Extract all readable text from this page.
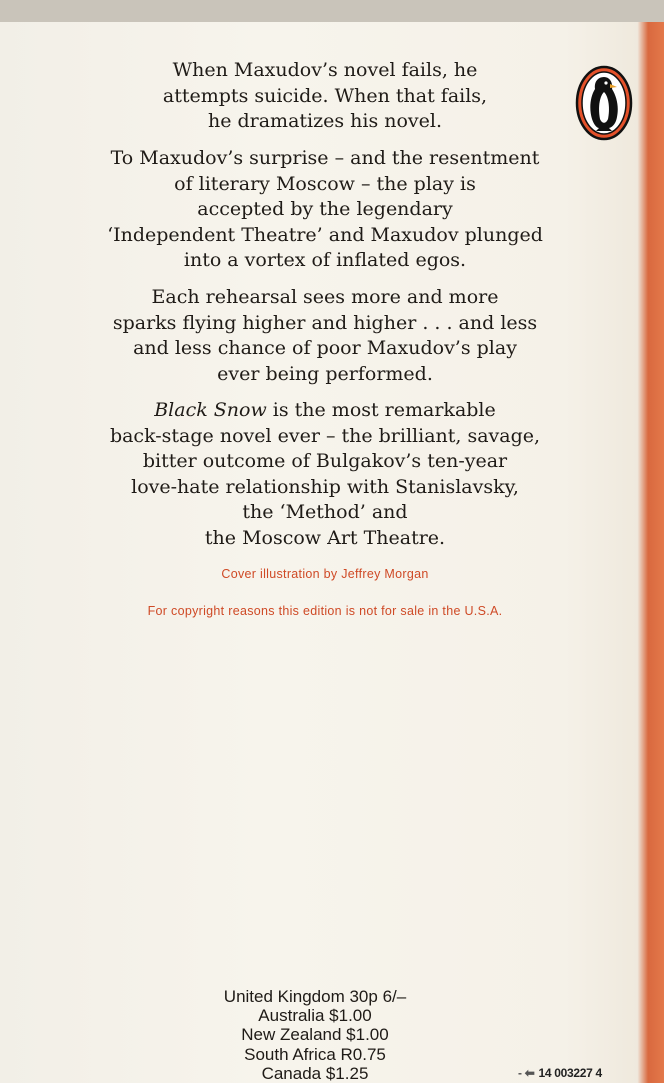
When Maxudov’s novel fails, he
attempts suicide. When that fails,
he dramatizes his novel.
To Maxudov’s surprise – and the resentment
of literary Moscow – the play is
accepted by the legendary
‘Independent Theatre’ and Maxudov plunged
into a vortex of inflated egos.
Each rehearsal sees more and more
sparks flying higher and higher . . . and less
and less chance of poor Maxudov’s play
ever being performed.
Black Snow is the most remarkable
back-stage novel ever – the brilliant, savage,
bitter outcome of Bulgakov’s ten-year
love-hate relationship with Stanislavsky,
the ‘Method’ and
the Moscow Art Theatre.

Cover illustration by Jeffrey Morgan

For copyright reasons this edition is not for sale in the U.S.A.

United Kingdom 30p 6/–
Australia $1.00
New Zealand $1.00
South Africa R0.75
Canada $1.25	- ⬅ 14 003227 4
